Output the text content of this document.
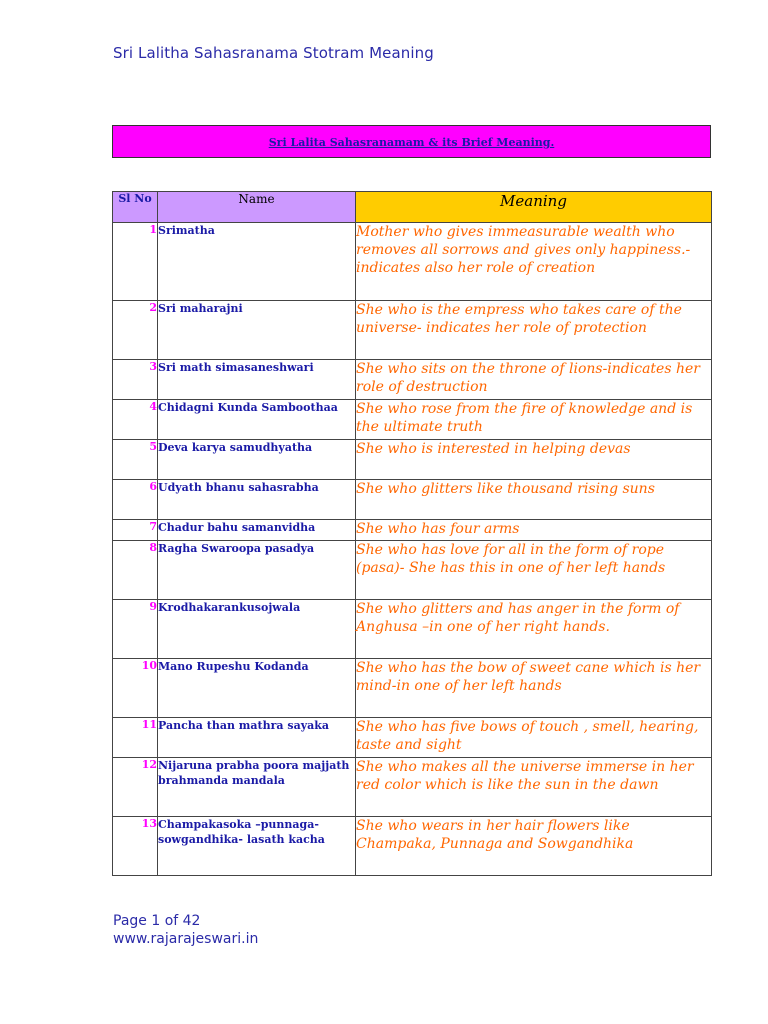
Sri Lalitha Sahasranama Stotram Meaning
Sri Lalita Sahasranamam & its Brief Meaning.
Sl No	Name	Meaning
1	Srimatha	Mother who gives immeasurable wealth who removes all sorrows and gives only happiness.-indicates also her role of creation
2	Sri maharajni	She who is the empress who takes care of the universe- indicates her role of protection
3	Sri math simasaneshwari	She who sits on the throne of lions-indicates her role of destruction
4	Chidagni Kunda Samboothaa	She who rose from the fire of knowledge and is the ultimate truth
5	Deva karya samudhyatha	She who is interested in helping devas
6	Udyath bhanu sahasrabha	She who glitters like thousand rising suns
7	Chadur bahu samanvidha	She who has four arms
8	Ragha Swaroopa pasadya	She who has love for all in the form of rope (pasa)- She has this in one of her left hands
9	Krodhakarankusojwala	She who glitters and has anger in the form of Anghusa –in one of her right hands.
10	Mano Rupeshu Kodanda	She who has the bow of sweet cane which is her mind-in one of her left hands
11	Pancha than mathra sayaka	She who has five bows of touch , smell, hearing, taste and sight
12	Nijaruna prabha poora majjath brahmanda mandala	She who makes all the universe immerse in her red color which is like the sun in the dawn
13	Champakasoka –punnaga-sowgandhika- lasath kacha	She who wears in her hair flowers like Champaka, Punnaga and Sowgandhika
Page 1 of 42
www.rajarajeswari.in
